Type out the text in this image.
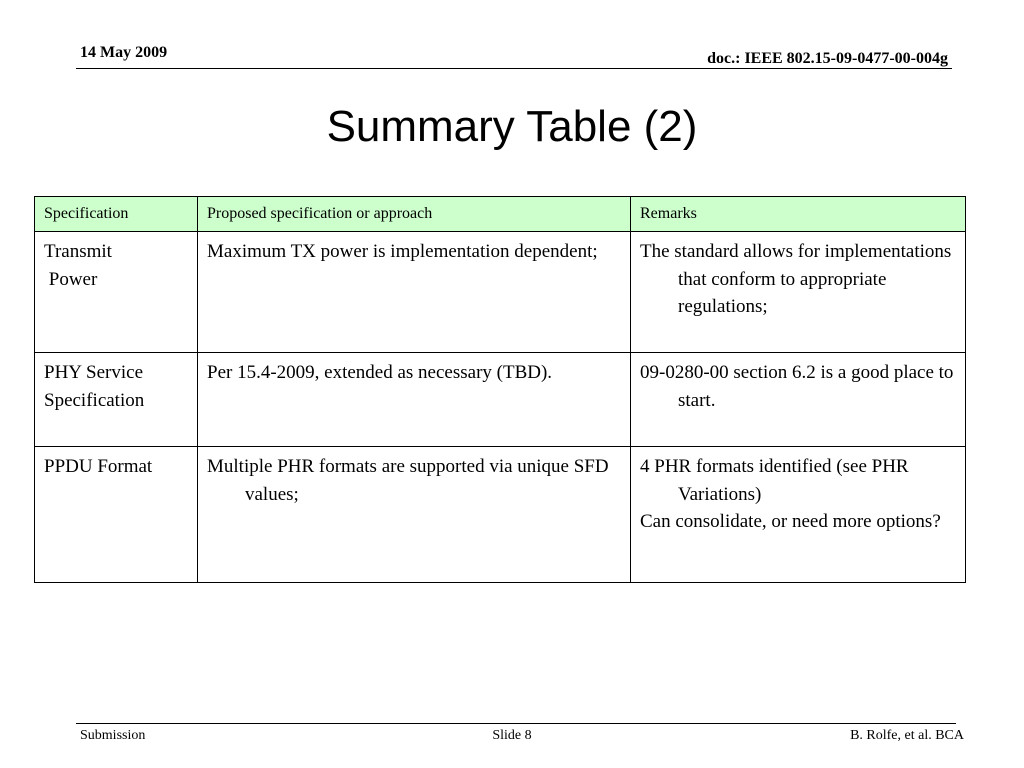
14 May 2009	doc.: IEEE 802.15-09-0477-00-004g
Summary Table (2)
Specification	Proposed specification or approach	Remarks

Transmit
Power	Maximum TX power is implementation dependent;	The standard allows for implementations that conform to appropriate regulations;

PHY Service
Specification	Per 15.4-2009, extended as necessary (TBD).	09-0280-00 section 6.2 is a good place to start.

PPDU Format	Multiple PHR formats are supported via unique SFD values;	4 PHR formats identified (see PHR Variations)
Can consolidate, or need more options?
Submission	Slide 8	B. Rolfe, et al. BCA
